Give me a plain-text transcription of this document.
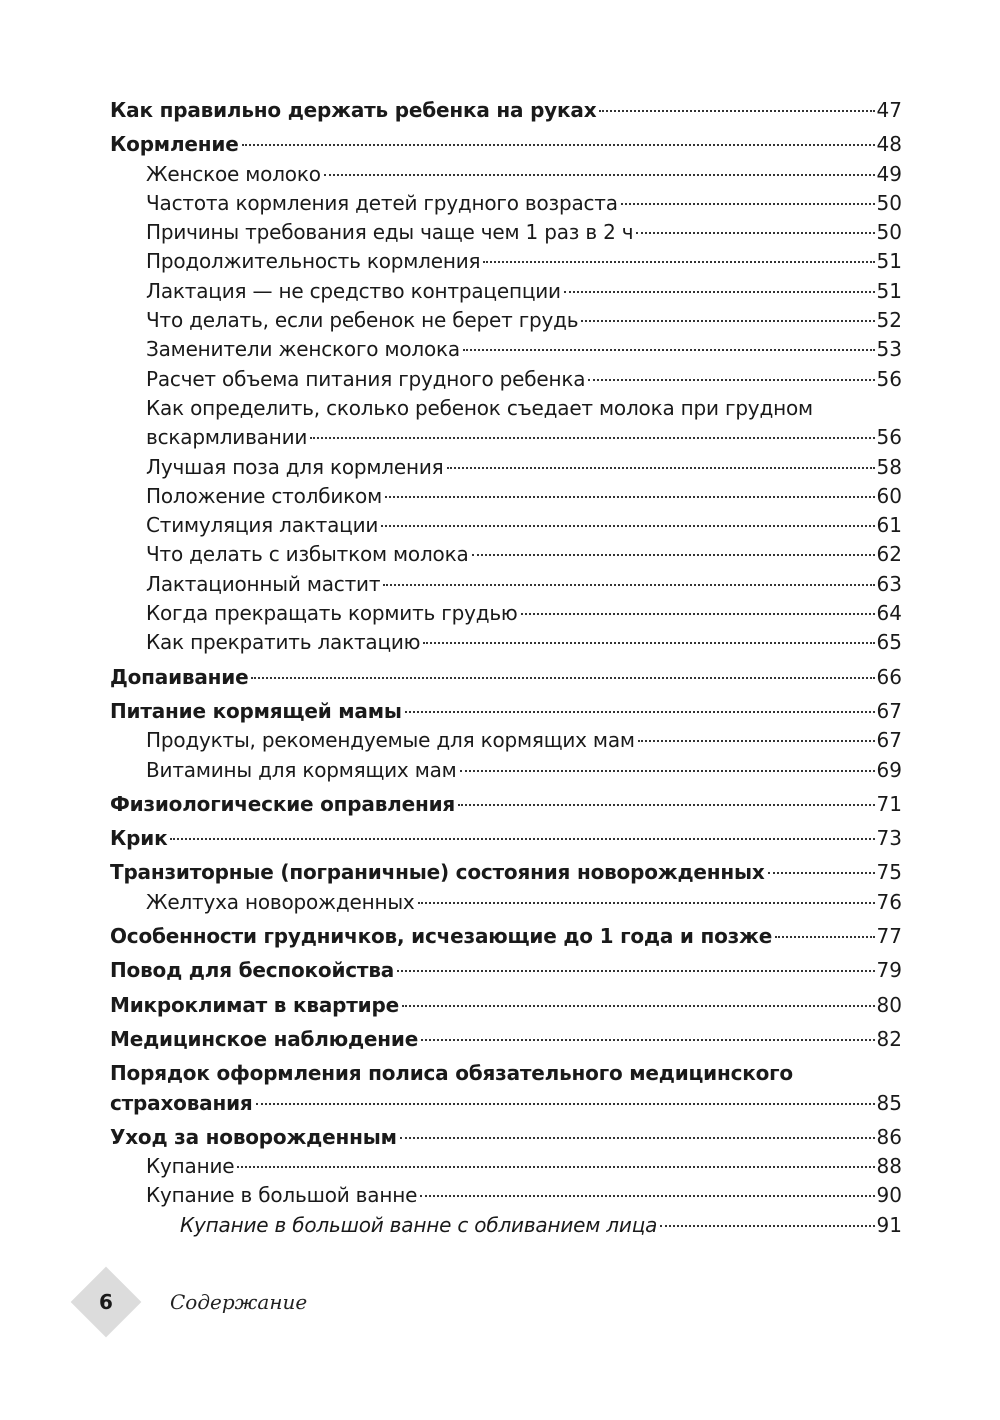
Как правильно держать ребенка на руках	47
Кормление	48
Женское молоко	49
Частота кормления детей грудного возраста	50
Причины требования еды чаще чем 1 раз в 2 ч	50
Продолжительность кормления	51
Лактация — не средство контрацепции	51
Что делать, если ребенок не берет грудь	52
Заменители женского молока	53
Расчет объема питания грудного ребенка	56
Как определить, сколько ребенок съедает молока при грудном
вскармливании	56
Лучшая поза для кормления	58
Положение столбиком	60
Стимуляция лактации	61
Что делать с избытком молока	62
Лактационный мастит	63
Когда прекращать кормить грудью	64
Как прекратить лактацию	65
Допаивание	66
Питание кормящей мамы	67
Продукты, рекомендуемые для кормящих мам	67
Витамины для кормящих мам	69
Физиологические оправления	71
Крик	73
Транзиторные (пограничные) состояния новорожденных	75
Желтуха новорожденных	76
Особенности грудничков, исчезающие до 1 года и позже	77
Повод для беспокойства	79
Микроклимат в квартире	80
Медицинское наблюдение	82
Порядок оформления полиса обязательного медицинского
страхования	85
Уход за новорожденным	86
Купание	88
Купание в большой ванне	90
Купание в большой ванне с обливанием лица	91
6	Содержание
